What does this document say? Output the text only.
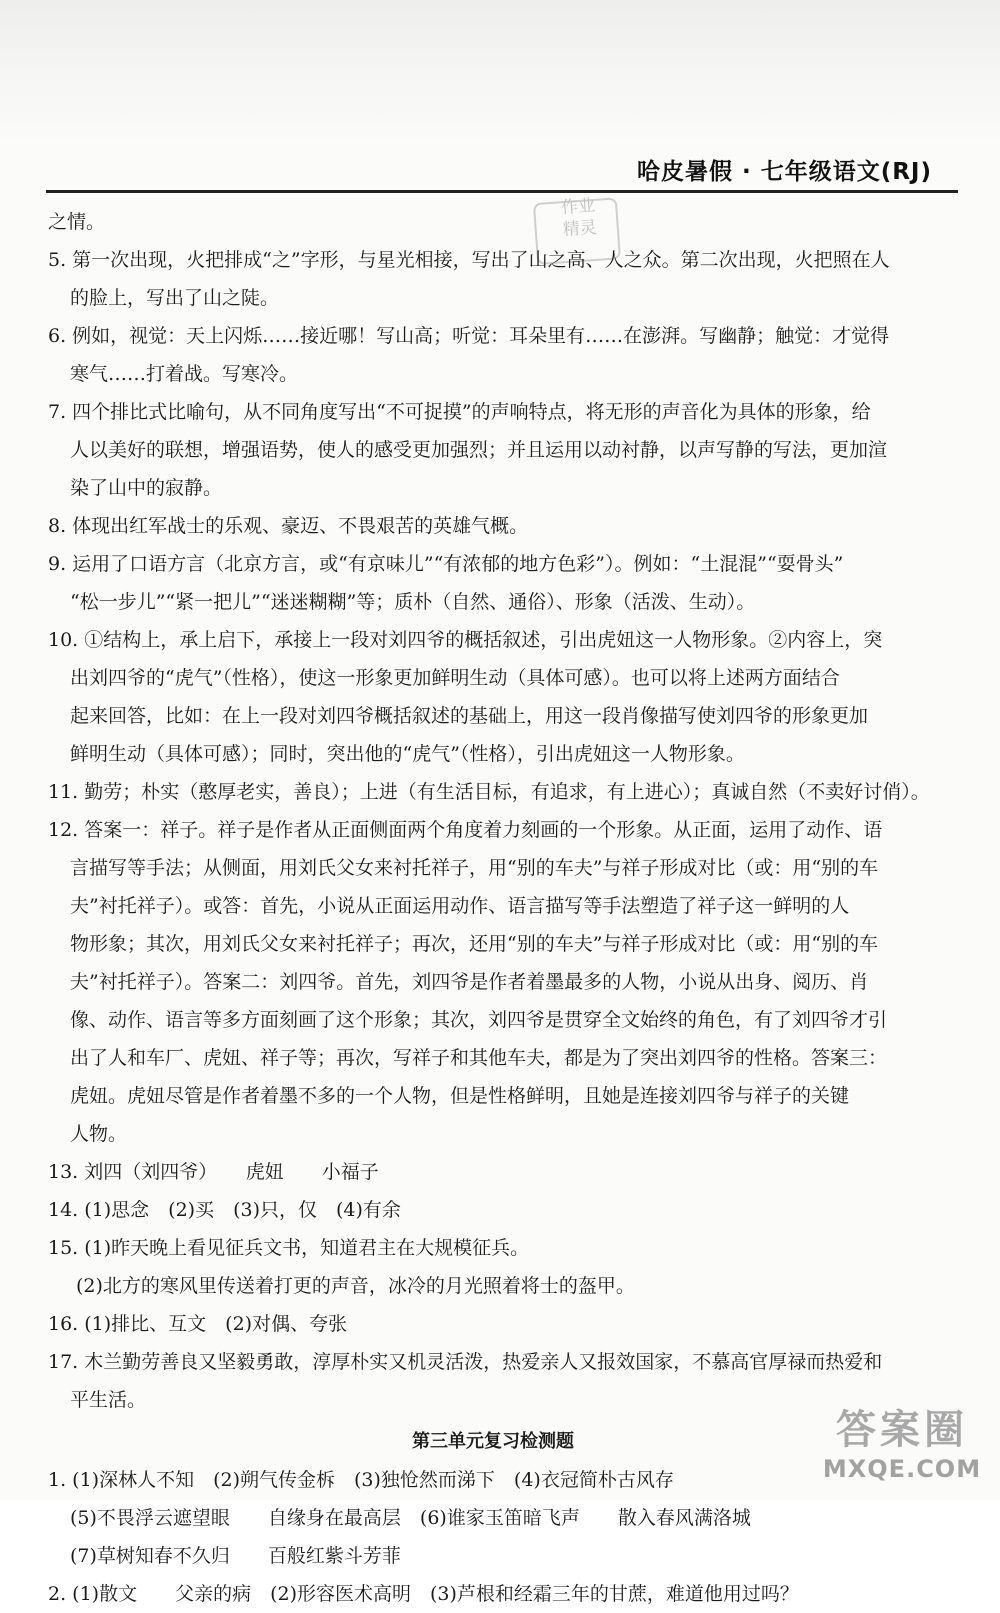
哈皮暑假 · 七年级语文(RJ)
作业
精灵
之情。
5. 第一次出现，火把排成“之”字形，与星光相接，写出了山之高、人之众。第二次出现，火把照在人
的脸上，写出了山之陡。
6. 例如，视觉：天上闪烁……接近哪！写山高；听觉：耳朵里有……在澎湃。写幽静；触觉：才觉得
寒气……打着战。写寒冷。
7. 四个排比式比喻句，从不同角度写出“不可捉摸”的声响特点，将无形的声音化为具体的形象，给
人以美好的联想，增强语势，使人的感受更加强烈；并且运用以动衬静，以声写静的写法，更加渲
染了山中的寂静。
8. 体现出红军战士的乐观、豪迈、不畏艰苦的英雄气概。
9. 运用了口语方言（北京方言，或“有京味儿”“有浓郁的地方色彩”）。例如：“土混混”“耍骨头”
“松一步儿”“紧一把儿”“迷迷糊糊”等；质朴（自然、通俗）、形象（活泼、生动）。
10. ①结构上，承上启下，承接上一段对刘四爷的概括叙述，引出虎妞这一人物形象。②内容上，突
出刘四爷的“虎气”（性格），使这一形象更加鲜明生动（具体可感）。也可以将上述两方面结合
起来回答，比如：在上一段对刘四爷概括叙述的基础上，用这一段肖像描写使刘四爷的形象更加
鲜明生动（具体可感）；同时，突出他的“虎气”（性格），引出虎妞这一人物形象。
11. 勤劳；朴实（憨厚老实，善良）；上进（有生活目标，有追求，有上进心）；真诚自然（不卖好讨俏）。
12. 答案一：祥子。祥子是作者从正面侧面两个角度着力刻画的一个形象。从正面，运用了动作、语
言描写等手法；从侧面，用刘氏父女来衬托祥子，用“别的车夫”与祥子形成对比（或：用“别的车
夫”衬托祥子）。或答：首先，小说从正面运用动作、语言描写等手法塑造了祥子这一鲜明的人
物形象；其次，用刘氏父女来衬托祥子；再次，还用“别的车夫”与祥子形成对比（或：用“别的车
夫”衬托祥子）。答案二：刘四爷。首先，刘四爷是作者着墨最多的人物，小说从出身、阅历、肖
像、动作、语言等多方面刻画了这个形象；其次，刘四爷是贯穿全文始终的角色，有了刘四爷才引
出了人和车厂、虎妞、祥子等；再次，写祥子和其他车夫，都是为了突出刘四爷的性格。答案三：
虎妞。虎妞尽管是作者着墨不多的一个人物，但是性格鲜明，且她是连接刘四爷与祥子的关键
人物。
13. 刘四（刘四爷）　　虎妞　　小福子
14. (1)思念　(2)买　(3)只，仅　(4)有余
15. (1)昨天晚上看见征兵文书，知道君主在大规模征兵。
(2)北方的寒风里传送着打更的声音，冰冷的月光照着将士的盔甲。
16. (1)排比、互文　(2)对偶、夸张
17. 木兰勤劳善良又坚毅勇敢，淳厚朴实又机灵活泼，热爱亲人又报效国家，不慕高官厚禄而热爱和
平生活。
第三单元复习检测题
1. (1)深林人不知　(2)朔气传金柝　(3)独怆然而涕下　(4)衣冠简朴古风存
(5)不畏浮云遮望眼　　自缘身在最高层　(6)谁家玉笛暗飞声　　散入春风满洛城
(7)草树知春不久归　　百般红紫斗芳菲
2. (1)散文　　父亲的病　(2)形容医术高明　(3)芦根和经霜三年的甘蔗，难道他用过吗？
答案圈
MXQE.COM
